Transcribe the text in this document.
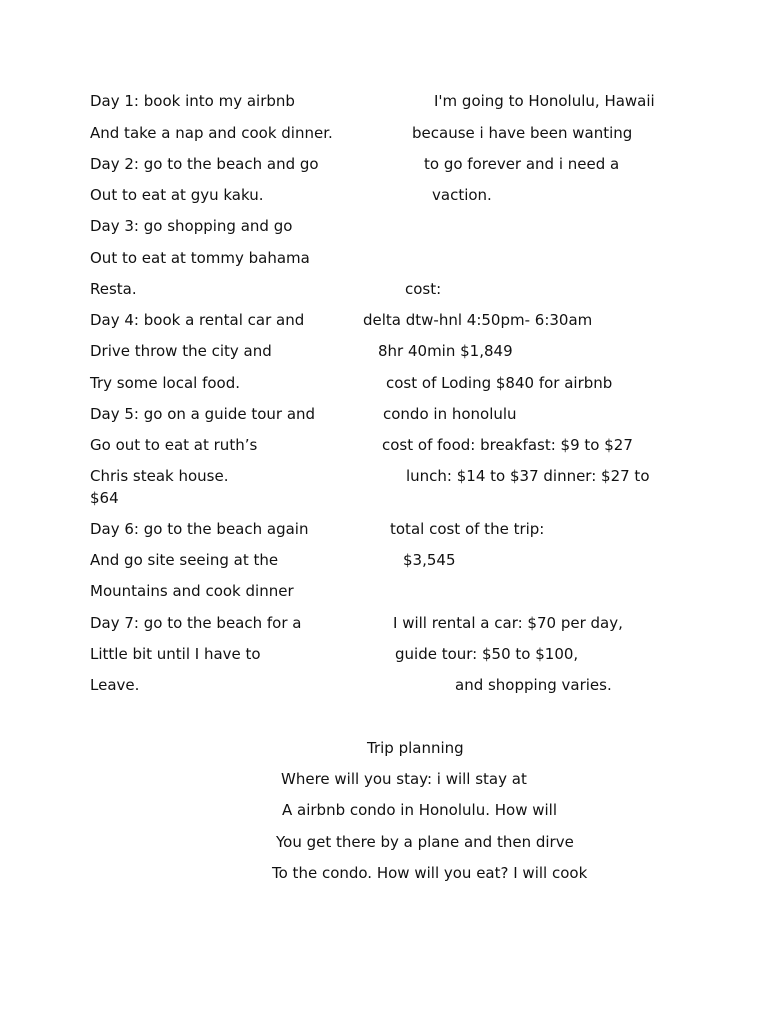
Day 1: book into my airbnb
And take a nap and cook dinner.
Day 2: go to the beach and go
Out to eat at gyu kaku.
Day 3: go shopping and go
Out to eat at tommy bahama
Resta.
Day 4: book a rental car and
Drive throw the city and
Try some local food.
Day 5: go on a guide tour and
Go out to eat at ruth’s
Chris steak house.
$64
Day 6: go to the beach again
And go site seeing at the
Mountains and cook dinner
Day 7: go to the beach for a
Little bit until I have to
Leave.
I'm going to Honolulu, Hawaii
because i have been wanting
to go forever and i need a
vaction.
cost:
delta dtw-hnl 4:50pm- 6:30am
8hr 40min $1,849
cost of Loding $840 for airbnb
condo in honolulu
cost of food: breakfast: $9 to $27
lunch: $14 to $37 dinner: $27 to
total cost of the trip:
$3,545
I will rental a car: $70 per day,
guide tour: $50 to $100,
and shopping varies.
Trip planning
Where will you stay: i will stay at
A airbnb condo in Honolulu. How will
You get there by a plane and then dirve
To the condo. How will you eat? I will cook
